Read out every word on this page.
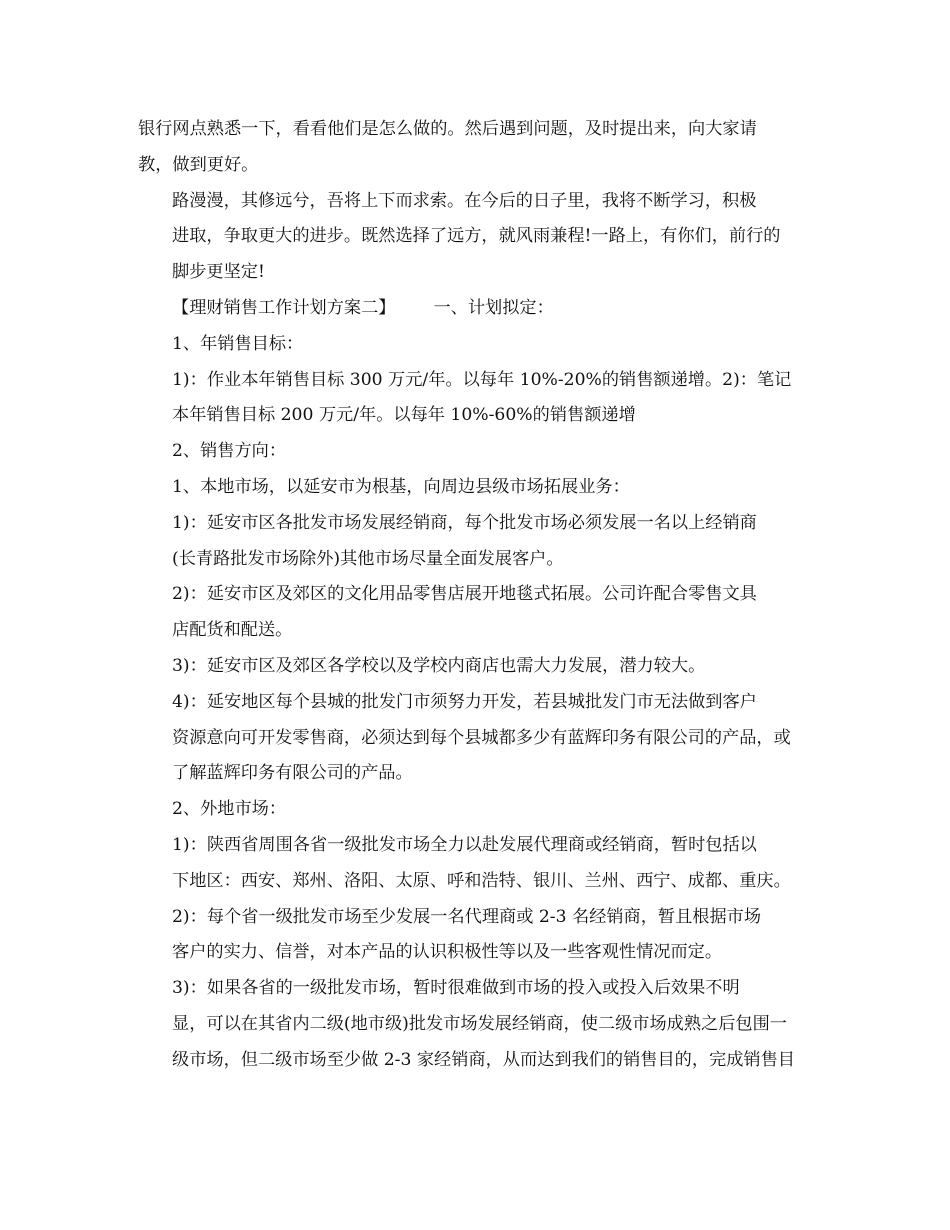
银行网点熟悉一下，看看他们是怎么做的。然后遇到问题，及时提出来，向大家请
教，做到更好。
路漫漫，其修远兮，吾将上下而求索。在今后的日子里，我将不断学习，积极
进取，争取更大的进步。既然选择了远方，就风雨兼程!一路上，有你们，前行的
脚步更坚定!
【理财销售工作计划方案二】 一、计划拟定：
1、年销售目标：
1)：作业本年销售目标 300 万元/年。以每年 10%-20%的销售额递增。2)：笔记
本年销售目标 200 万元/年。以每年 10%-60%的销售额递增
2、销售方向：
1、本地市场，以延安市为根基，向周边县级市场拓展业务：
1)：延安市区各批发市场发展经销商，每个批发市场必须发展一名以上经销商
(长青路批发市场除外)其他市场尽量全面发展客户。
2)：延安市区及郊区的文化用品零售店展开地毯式拓展。公司许配合零售文具
店配货和配送。
3)：延安市区及郊区各学校以及学校内商店也需大力发展，潜力较大。
4)：延安地区每个县城的批发门市须努力开发，若县城批发门市无法做到客户
资源意向可开发零售商，必须达到每个县城都多少有蓝辉印务有限公司的产品，或
了解蓝辉印务有限公司的产品。
2、外地市场：
1)：陕西省周围各省一级批发市场全力以赴发展代理商或经销商，暂时包括以
下地区：西安、郑州、洛阳、太原、呼和浩特、银川、兰州、西宁、成都、重庆。
2)：每个省一级批发市场至少发展一名代理商或 2-3 名经销商，暂且根据市场
客户的实力、信誉，对本产品的认识积极性等以及一些客观性情况而定。
3)：如果各省的一级批发市场，暂时很难做到市场的投入或投入后效果不明
显，可以在其省内二级(地市级)批发市场发展经销商，使二级市场成熟之后包围一
级市场，但二级市场至少做 2-3 家经销商，从而达到我们的销售目的，完成销售目
